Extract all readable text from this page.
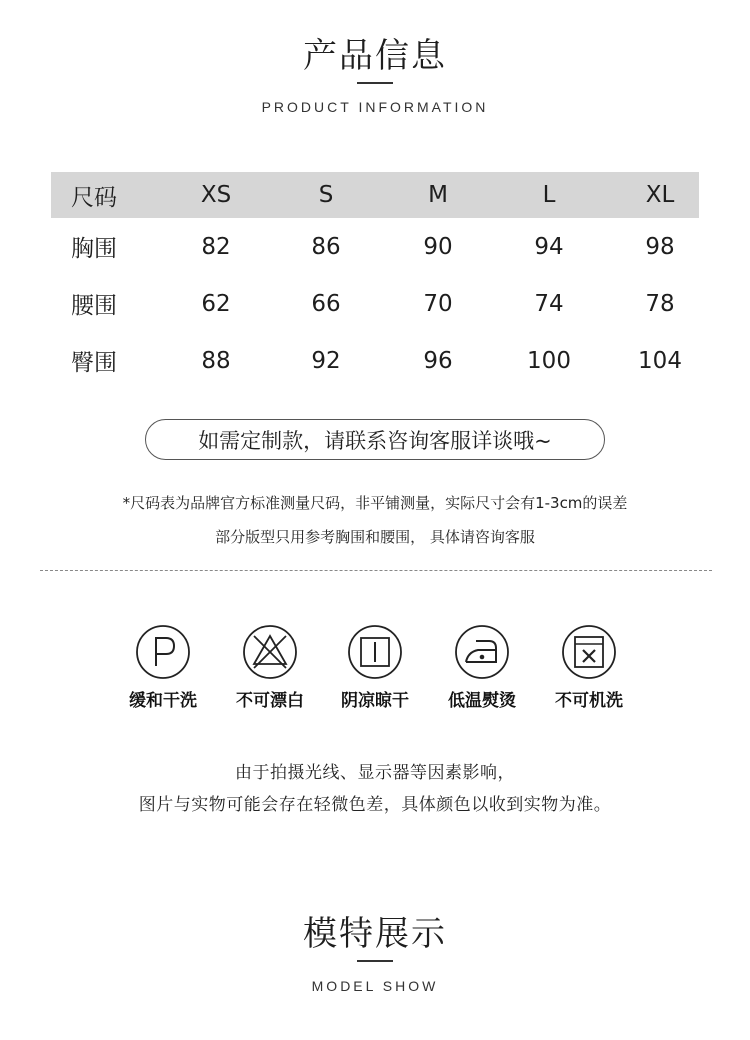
产品信息
PRODUCT INFORMATION
尺码	XS	S	M	L	XL
胸围	82	86	90	94	98
腰围	62	66	70	74	78
臀围	88	92	96	100	104
如需定制款，请联系咨询客服详谈哦~
*尺码表为品牌官方标准测量尺码，非平铺测量，实际尺寸会有1-3cm的误差
部分版型只用参考胸围和腰围， 具体请咨询客服
缓和干洗 不可漂白 阴凉晾干 低温熨烫 不可机洗
由于拍摄光线、显示器等因素影响，
图片与实物可能会存在轻微色差，具体颜色以收到实物为准。
模特展示
MODEL SHOW
